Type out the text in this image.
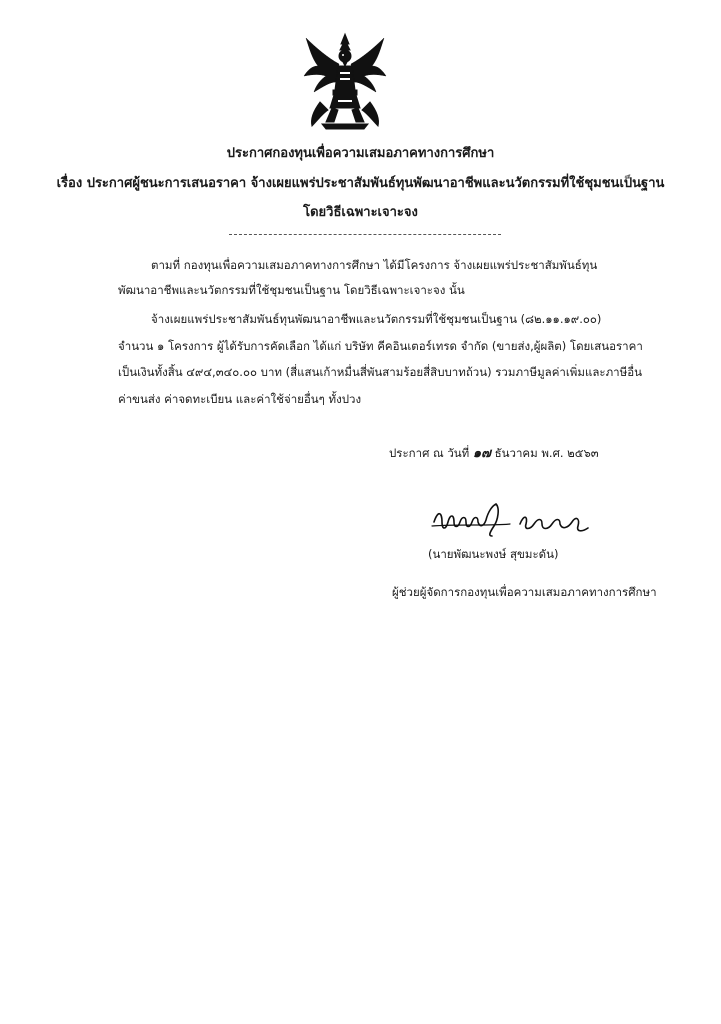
ประกาศกองทุนเพื่อความเสมอภาคทางการศึกษา
เรื่อง ประกาศผู้ชนะการเสนอราคา จ้างเผยแพร่ประชาสัมพันธ์ทุนพัฒนาอาชีพและนวัตกรรมที่ใช้ชุมชนเป็นฐาน
โดยวิธีเฉพาะเจาะจง
ตามที่ กองทุนเพื่อความเสมอภาคทางการศึกษา ได้มีโครงการ จ้างเผยแพร่ประชาสัมพันธ์ทุน
พัฒนาอาชีพและนวัตกรรมที่ใช้ชุมชนเป็นฐาน โดยวิธีเฉพาะเจาะจง นั้น
จ้างเผยแพร่ประชาสัมพันธ์ทุนพัฒนาอาชีพและนวัตกรรมที่ใช้ชุมชนเป็นฐาน (๘๒.๑๑.๑๙.๐๐)
จำนวน ๑ โครงการ ผู้ได้รับการคัดเลือก ได้แก่ บริษัท คีคอินเตอร์เทรด จำกัด (ขายส่ง,ผู้ผลิต) โดยเสนอราคา
เป็นเงินทั้งสิ้น ๔๙๔,๓๔๐.๐๐ บาท (สี่แสนเก้าหมื่นสี่พันสามร้อยสี่สิบบาทถ้วน) รวมภาษีมูลค่าเพิ่มและภาษีอื่น
ค่าขนส่ง ค่าจดทะเบียน และค่าใช้จ่ายอื่นๆ ทั้งปวง
ประกาศ ณ วันที่ ๑๗ ธันวาคม พ.ศ. ๒๕๖๓
(นายพัฒนะพงษ์ สุขมะดัน)
ผู้ช่วยผู้จัดการกองทุนเพื่อความเสมอภาคทางการศึกษา
